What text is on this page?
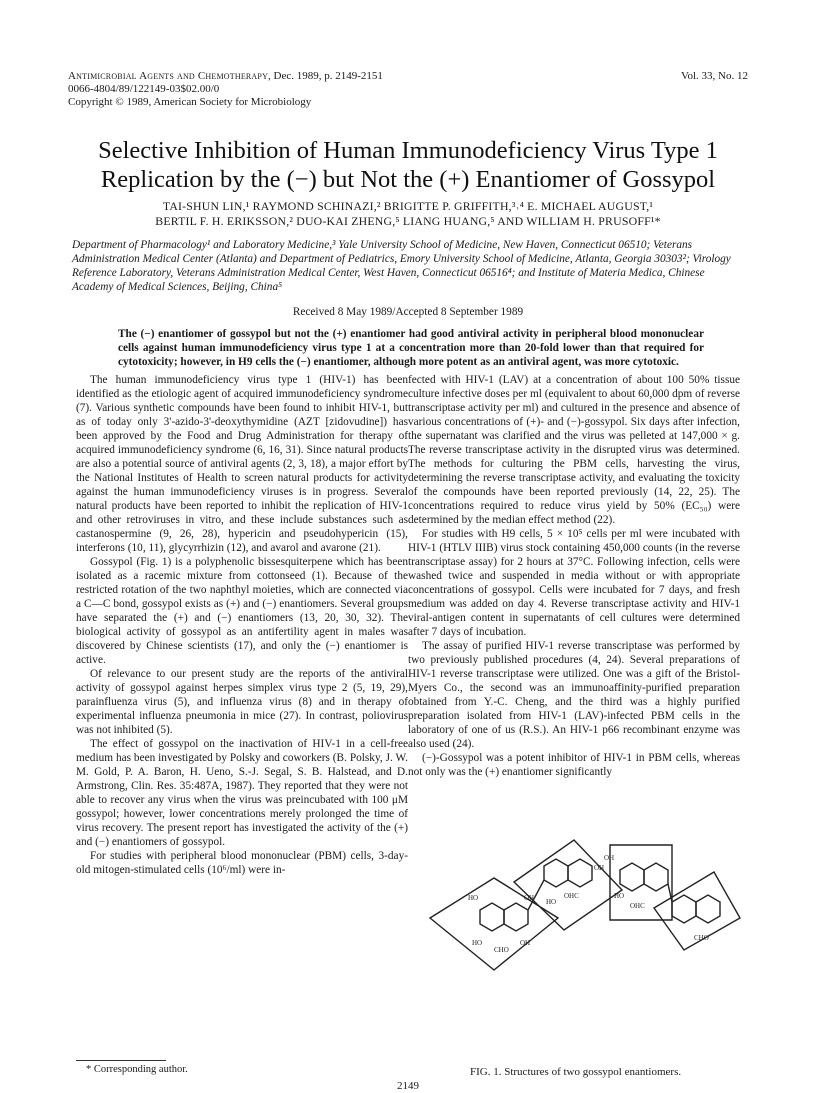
Antimicrobial Agents and Chemotherapy, Dec. 1989, p. 2149-2151
0066-4804/89/122149-03$02.00/0
Copyright © 1989, American Society for Microbiology
Vol. 33, No. 12
Selective Inhibition of Human Immunodeficiency Virus Type 1
Replication by the (−) but Not the (+) Enantiomer of Gossypol
TAI-SHUN LIN,¹ RAYMOND SCHINAZI,² BRIGITTE P. GRIFFITH,³˒⁴ E. MICHAEL AUGUST,¹
BERTIL F. H. ERIKSSON,² DUO-KAI ZHENG,⁵ LIANG HUANG,⁵ AND WILLIAM H. PRUSOFF¹*
Department of Pharmacology¹ and Laboratory Medicine,³ Yale University School of Medicine, New Haven, Connecticut 06510; Veterans Administration Medical Center (Atlanta) and Department of Pediatrics, Emory University School of Medicine, Atlanta, Georgia 30303²; Virology Reference Laboratory, Veterans Administration Medical Center, West Haven, Connecticut 06516⁴; and Institute of Materia Medica, Chinese Academy of Medical Sciences, Beijing, China⁵
Received 8 May 1989/Accepted 8 September 1989
The (−) enantiomer of gossypol but not the (+) enantiomer had good antiviral activity in peripheral blood mononuclear cells against human immunodeficiency virus type 1 at a concentration more than 20-fold lower than that required for cytotoxicity; however, in H9 cells the (−) enantiomer, although more potent as an antiviral agent, was more cytotoxic.

The human immunodeficiency virus type 1 (HIV-1) has been identified as the etiologic agent of acquired immunodeficiency syndrome (7). Various synthetic compounds have been found to inhibit HIV-1, but as of today only 3'-azido-3'-deoxythymidine (AZT [zidovudine]) has been approved by the Food and Drug Administration for therapy of acquired immunodeficiency syndrome (6, 16, 31). Since natural products are also a potential source of antiviral agents (2, 3, 18), a major effort by the National Institutes of Health to screen natural products for activity against the human immunodeficiency viruses is in progress. Several natural products have been reported to inhibit the replication of HIV-1 and other retroviruses in vitro, and these include substances such as castanospermine (9, 26, 28), hypericin and pseudohypericin (15), interferons (10, 11), glycyrrhizin (12), and avarol and avarone (21).

Gossypol (Fig. 1) is a polyphenolic bissesquiterpene which has been isolated as a racemic mixture from cottonseed (1). Because of the restricted rotation of the two naphthyl moieties, which are connected via a C—C bond, gossypol exists as (+) and (−) enantiomers. Several groups have separated the (+) and (−) enantiomers (13, 20, 30, 32). The biological activity of gossypol as an antifertility agent in males was discovered by Chinese scientists (17), and only the (−) enantiomer is active.

Of relevance to our present study are the reports of the antiviral activity of gossypol against herpes simplex virus type 2 (5, 19, 29), parainfluenza virus (5), and influenza virus (8) and in therapy of experimental influenza pneumonia in mice (27). In contrast, poliovirus was not inhibited (5).

The effect of gossypol on the inactivation of HIV-1 in a cell-free medium has been investigated by Polsky and coworkers (B. Polsky, J. W. M. Gold, P. A. Baron, H. Ueno, S.-J. Segal, S. B. Halstead, and D. Armstrong, Clin. Res. 35:487A, 1987). They reported that they were not able to recover any virus when the virus was preincubated with 100 μM gossypol; however, lower concentrations merely prolonged the time of virus recovery. The present report has investigated the activity of the (+) and (−) enantiomers of gossypol.

For studies with peripheral blood mononuclear (PBM) cells, 3-day-old mitogen-stimulated cells (10⁶/ml) were in-

fected with HIV-1 (LAV) at a concentration of about 100 50% tissue culture infective doses per ml (equivalent to about 60,000 dpm of reverse transcriptase activity per ml) and cultured in the presence and absence of various concentrations of (+)- and (−)-gossypol. Six days after infection, the supernatant was clarified and the virus was pelleted at 147,000 × g. The reverse transcriptase activity in the disrupted virus was determined. The methods for culturing the PBM cells, harvesting the virus, determining the reverse transcriptase activity, and evaluating the toxicity of the compounds have been reported previously (14, 22, 25). The concentrations required to reduce virus yield by 50% (EC₅₀) were determined by the median effect method (22).

For studies with H9 cells, 5 × 10⁵ cells per ml were incubated with HIV-1 (HTLV IIIB) virus stock containing 450,000 counts (in the reverse transcriptase assay) for 2 hours at 37°C. Following infection, cells were washed twice and suspended in media without or with appropriate concentrations of gossypol. Cells were incubated for 7 days, and fresh medium was added on day 4. Reverse transcriptase activity and HIV-1 viral-antigen content in supernatants of cell cultures were determined after 7 days of incubation.

The assay of purified HIV-1 reverse transcriptase was performed by two previously published procedures (4, 24). Several preparations of HIV-1 reverse transcriptase were utilized. One was a gift of the Bristol-Myers Co., the second was an immunoaffinity-purified preparation obtained from Y.-C. Cheng, and the third was a highly purified preparation isolated from HIV-1 (LAV)-infected PBM cells in the laboratory of one of us (R.S.). An HIV-1 p66 recombinant enzyme was also used (24).

(−)-Gossypol was a potent inhibitor of HIV-1 in PBM cells, whereas not only was the (+) enantiomer significantly

OH
HO
OH
HO
CHO
OHC
OH
HO
OH
HO
OHC
CHO
FIG. 1. Structures of two gossypol enantiomers.
* Corresponding author.
2149
